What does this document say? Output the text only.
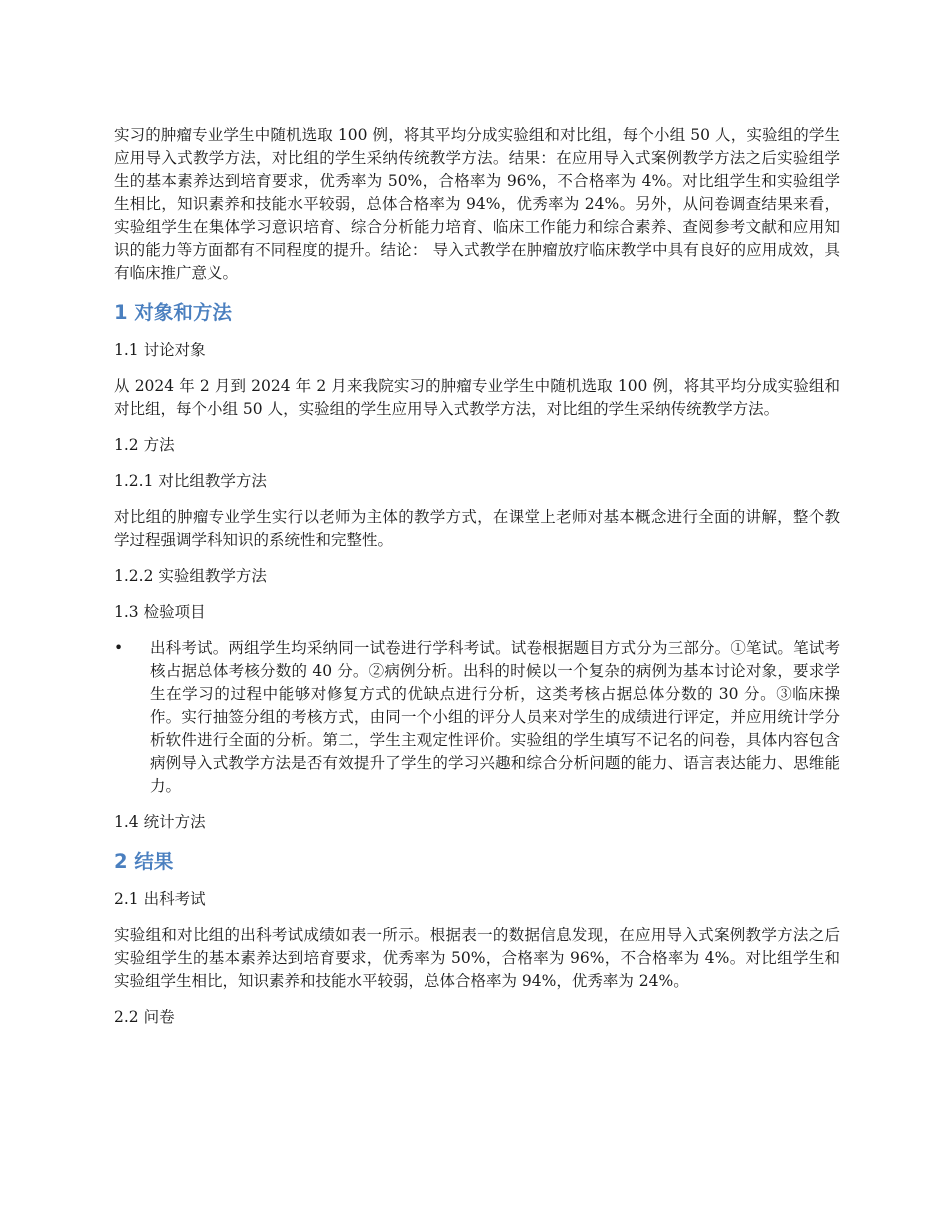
实习的肿瘤专业学生中随机选取 100 例，将其平均分成实验组和对比组，每个小组 50 人，实验组的学生应用导入式教学方法，对比组的学生采纳传统教学方法。结果：在应用导入式案例教学方法之后实验组学生的基本素养达到培育要求，优秀率为 50%，合格率为 96%，不合格率为 4%。对比组学生和实验组学生相比，知识素养和技能水平较弱，总体合格率为 94%，优秀率为 24%。另外，从问卷调查结果来看，实验组学生在集体学习意识培育、综合分析能力培育、临床工作能力和综合素养、查阅参考文献和应用知识的能力等方面都有不同程度的提升。结论： 导入式教学在肿瘤放疗临床教学中具有良好的应用成效，具有临床推广意义。

1 对象和方法

1.1 讨论对象

从 2024 年 2 月到 2024 年 2 月来我院实习的肿瘤专业学生中随机选取 100 例，将其平均分成实验组和对比组，每个小组 50 人，实验组的学生应用导入式教学方法，对比组的学生采纳传统教学方法。

1.2 方法

1.2.1 对比组教学方法

对比组的肿瘤专业学生实行以老师为主体的教学方式，在课堂上老师对基本概念进行全面的讲解，整个教学过程强调学科知识的系统性和完整性。

1.2.2 实验组教学方法

1.3 检验项目

• 出科考试。两组学生均采纳同一试卷进行学科考试。试卷根据题目方式分为三部分。①笔试。笔试考核占据总体考核分数的 40 分。②病例分析。出科的时候以一个复杂的病例为基本讨论对象，要求学生在学习的过程中能够对修复方式的优缺点进行分析，这类考核占据总体分数的 30 分。③临床操作。实行抽签分组的考核方式，由同一个小组的评分人员来对学生的成绩进行评定，并应用统计学分析软件进行全面的分析。第二，学生主观定性评价。实验组的学生填写不记名的问卷，具体内容包含病例导入式教学方法是否有效提升了学生的学习兴趣和综合分析问题的能力、语言表达能力、思维能力。

1.4 统计方法

2 结果

2.1 出科考试

实验组和对比组的出科考试成绩如表一所示。根据表一的数据信息发现，在应用导入式案例教学方法之后实验组学生的基本素养达到培育要求，优秀率为 50%，合格率为 96%，不合格率为 4%。对比组学生和实验组学生相比，知识素养和技能水平较弱，总体合格率为 94%，优秀率为 24%。

2.2 问卷
